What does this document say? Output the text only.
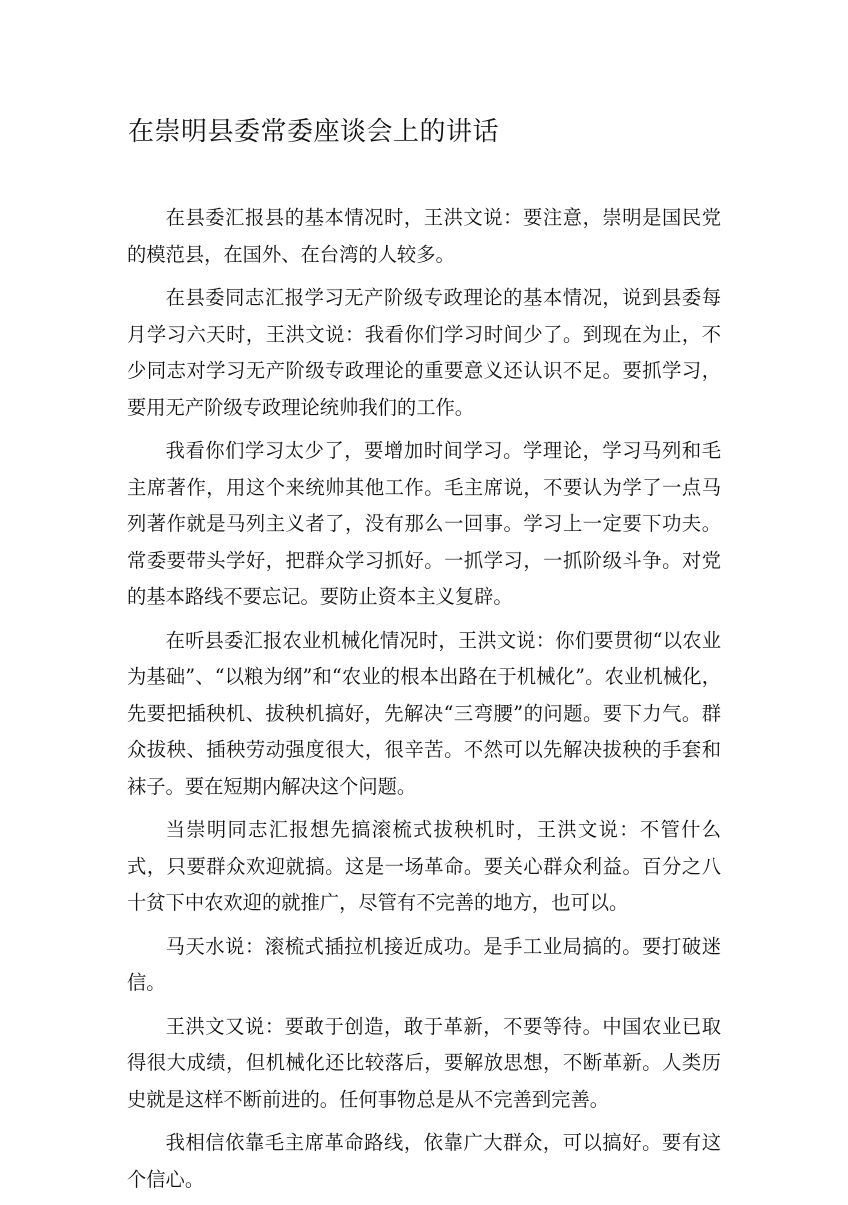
在崇明县委常委座谈会上的讲话

在县委汇报县的基本情况时，王洪文说：要注意，崇明是国民党的模范县，在国外、在台湾的人较多。

在县委同志汇报学习无产阶级专政理论的基本情况，说到县委每月学习六天时，王洪文说：我看你们学习时间少了。到现在为止，不少同志对学习无产阶级专政理论的重要意义还认识不足。要抓学习，要用无产阶级专政理论统帅我们的工作。

我看你们学习太少了，要增加时间学习。学理论，学习马列和毛主席著作，用这个来统帅其他工作。毛主席说，不要认为学了一点马列著作就是马列主义者了，没有那么一回事。学习上一定要下功夫。常委要带头学好，把群众学习抓好。一抓学习，一抓阶级斗争。对党的基本路线不要忘记。要防止资本主义复辟。

在听县委汇报农业机械化情况时，王洪文说：你们要贯彻“以农业为基础”、“以粮为纲”和“农业的根本出路在于机械化”。农业机械化，先要把插秧机、拔秧机搞好，先解决“三弯腰”的问题。要下力气。群众拔秧、插秧劳动强度很大，很辛苦。不然可以先解决拔秧的手套和袜子。要在短期内解决这个问题。

当崇明同志汇报想先搞滚梳式拔秧机时，王洪文说：不管什么式，只要群众欢迎就搞。这是一场革命。要关心群众利益。百分之八十贫下中农欢迎的就推广，尽管有不完善的地方，也可以。

马天水说：滚梳式插拉机接近成功。是手工业局搞的。要打破迷信。

王洪文又说：要敢于创造，敢于革新，不要等待。中国农业已取得很大成绩，但机械化还比较落后，要解放思想，不断革新。人类历史就是这样不断前进的。任何事物总是从不完善到完善。

我相信依靠毛主席革命路线，依靠广大群众，可以搞好。要有这个信心。
